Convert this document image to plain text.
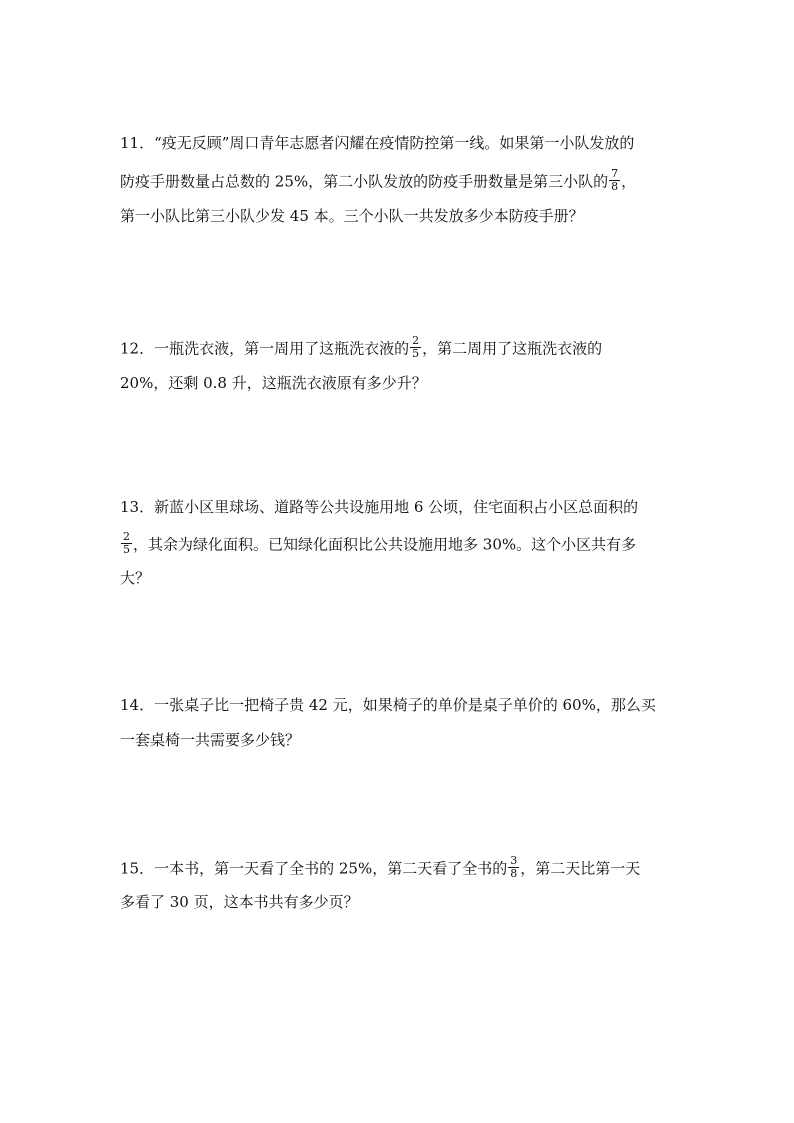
11．“疫无反顾”周口青年志愿者闪耀在疫情防控第一线。如果第一小队发放的
防疫手册数量占总数的 25%，第二小队发放的防疫手册数量是第三小队的 $\frac{7}{8}$ ，
第一小队比第三小队少发 45 本。三个小队一共发放多少本防疫手册？
12．一瓶洗衣液，第一周用了这瓶洗衣液的 $\frac{2}{5}$ ，第二周用了这瓶洗衣液的
20%，还剩 0.8 升，这瓶洗衣液原有多少升？
13．新蓝小区里球场、道路等公共设施用地 6 公顷，住宅面积占小区总面积的
$\frac{2}{5}$ ，其余为绿化面积。已知绿化面积比公共设施用地多 30%。这个小区共有多
大？
14．一张桌子比一把椅子贵 42 元，如果椅子的单价是桌子单价的 60%，那么买
一套桌椅一共需要多少钱？
15．一本书，第一天看了全书的 25%，第二天看了全书的 $\frac{3}{8}$ ，第二天比第一天
多看了 30 页，这本书共有多少页？
